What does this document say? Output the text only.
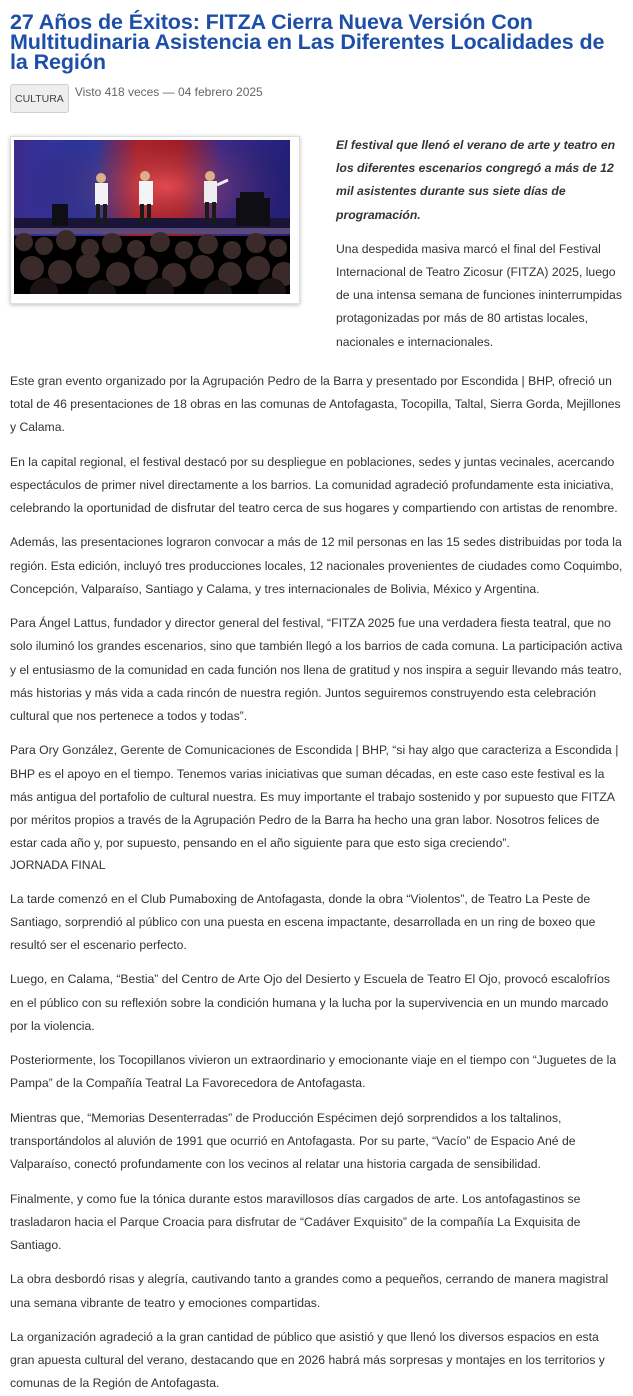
27 Años de Éxitos: FITZA Cierra Nueva Versión Con Multitudinaria Asistencia en Las Diferentes Localidades de la Región
CULTURA Visto 418 veces — 04 febrero 2025

El festival que llenó el verano de arte y teatro en los diferentes escenarios congregó a más de 12 mil asistentes durante sus siete días de programación.

Una despedida masiva marcó el final del Festival Internacional de Teatro Zicosur (FITZA) 2025, luego de una intensa semana de funciones ininterrumpidas protagonizadas por más de 80 artistas locales, nacionales e internacionales.

Este gran evento organizado por la Agrupación Pedro de la Barra y presentado por Escondida | BHP, ofreció un total de 46 presentaciones de 18 obras en las comunas de Antofagasta, Tocopilla, Taltal, Sierra Gorda, Mejillones y Calama.

En la capital regional, el festival destacó por su despliegue en poblaciones, sedes y juntas vecinales, acercando espectáculos de primer nivel directamente a los barrios. La comunidad agradeció profundamente esta iniciativa, celebrando la oportunidad de disfrutar del teatro cerca de sus hogares y compartiendo con artistas de renombre.

Además, las presentaciones lograron convocar a más de 12 mil personas en las 15 sedes distribuidas por toda la región. Esta edición, incluyó tres producciones locales, 12 nacionales provenientes de ciudades como Coquimbo, Concepción, Valparaíso, Santiago y Calama, y tres internacionales de Bolivia, México y Argentina.

Para Ángel Lattus, fundador y director general del festival, “FITZA 2025 fue una verdadera fiesta teatral, que no solo iluminó los grandes escenarios, sino que también llegó a los barrios de cada comuna. La participación activa y el entusiasmo de la comunidad en cada función nos llena de gratitud y nos inspira a seguir llevando más teatro, más historias y más vida a cada rincón de nuestra región. Juntos seguiremos construyendo esta celebración cultural que nos pertenece a todos y todas”.

Para Ory González, Gerente de Comunicaciones de Escondida | BHP, “si hay algo que caracteriza a Escondida | BHP es el apoyo en el tiempo. Tenemos varias iniciativas que suman décadas, en este caso este festival es la más antigua del portafolio de cultural nuestra. Es muy importante el trabajo sostenido y por supuesto que FITZA por méritos propios a través de la Agrupación Pedro de la Barra ha hecho una gran labor. Nosotros felices de estar cada año y, por supuesto, pensando en el año siguiente para que esto siga creciendo”.

JORNADA FINAL

La tarde comenzó en el Club Pumaboxing de Antofagasta, donde la obra “Violentos”, de Teatro La Peste de Santiago, sorprendió al público con una puesta en escena impactante, desarrollada en un ring de boxeo que resultó ser el escenario perfecto.

Luego, en Calama, “Bestia” del Centro de Arte Ojo del Desierto y Escuela de Teatro El Ojo, provocó escalofríos en el público con su reflexión sobre la condición humana y la lucha por la supervivencia en un mundo marcado por la violencia.

Posteriormente, los Tocopillanos vivieron un extraordinario y emocionante viaje en el tiempo con “Juguetes de la Pampa” de la Compañía Teatral La Favorecedora de Antofagasta.

Mientras que, “Memorias Desenterradas” de Producción Espécimen dejó sorprendidos a los taltalinos, transportándolos al aluvión de 1991 que ocurrió en Antofagasta. Por su parte, “Vacío” de Espacio Ané de Valparaíso, conectó profundamente con los vecinos al relatar una historia cargada de sensibilidad.

Finalmente, y como fue la tónica durante estos maravillosos días cargados de arte. Los antofagastinos se trasladaron hacia el Parque Croacia para disfrutar de “Cadáver Exquisito” de la compañía La Exquisita de Santiago.

La obra desbordó risas y alegría, cautivando tanto a grandes como a pequeños, cerrando de manera magistral una semana vibrante de teatro y emociones compartidas.

La organización agradeció a la gran cantidad de público que asistió y que llenó los diversos espacios en esta gran apuesta cultural del verano, destacando que en 2026 habrá más sorpresas y montajes en los territorios y comunas de la Región de Antofagasta.
